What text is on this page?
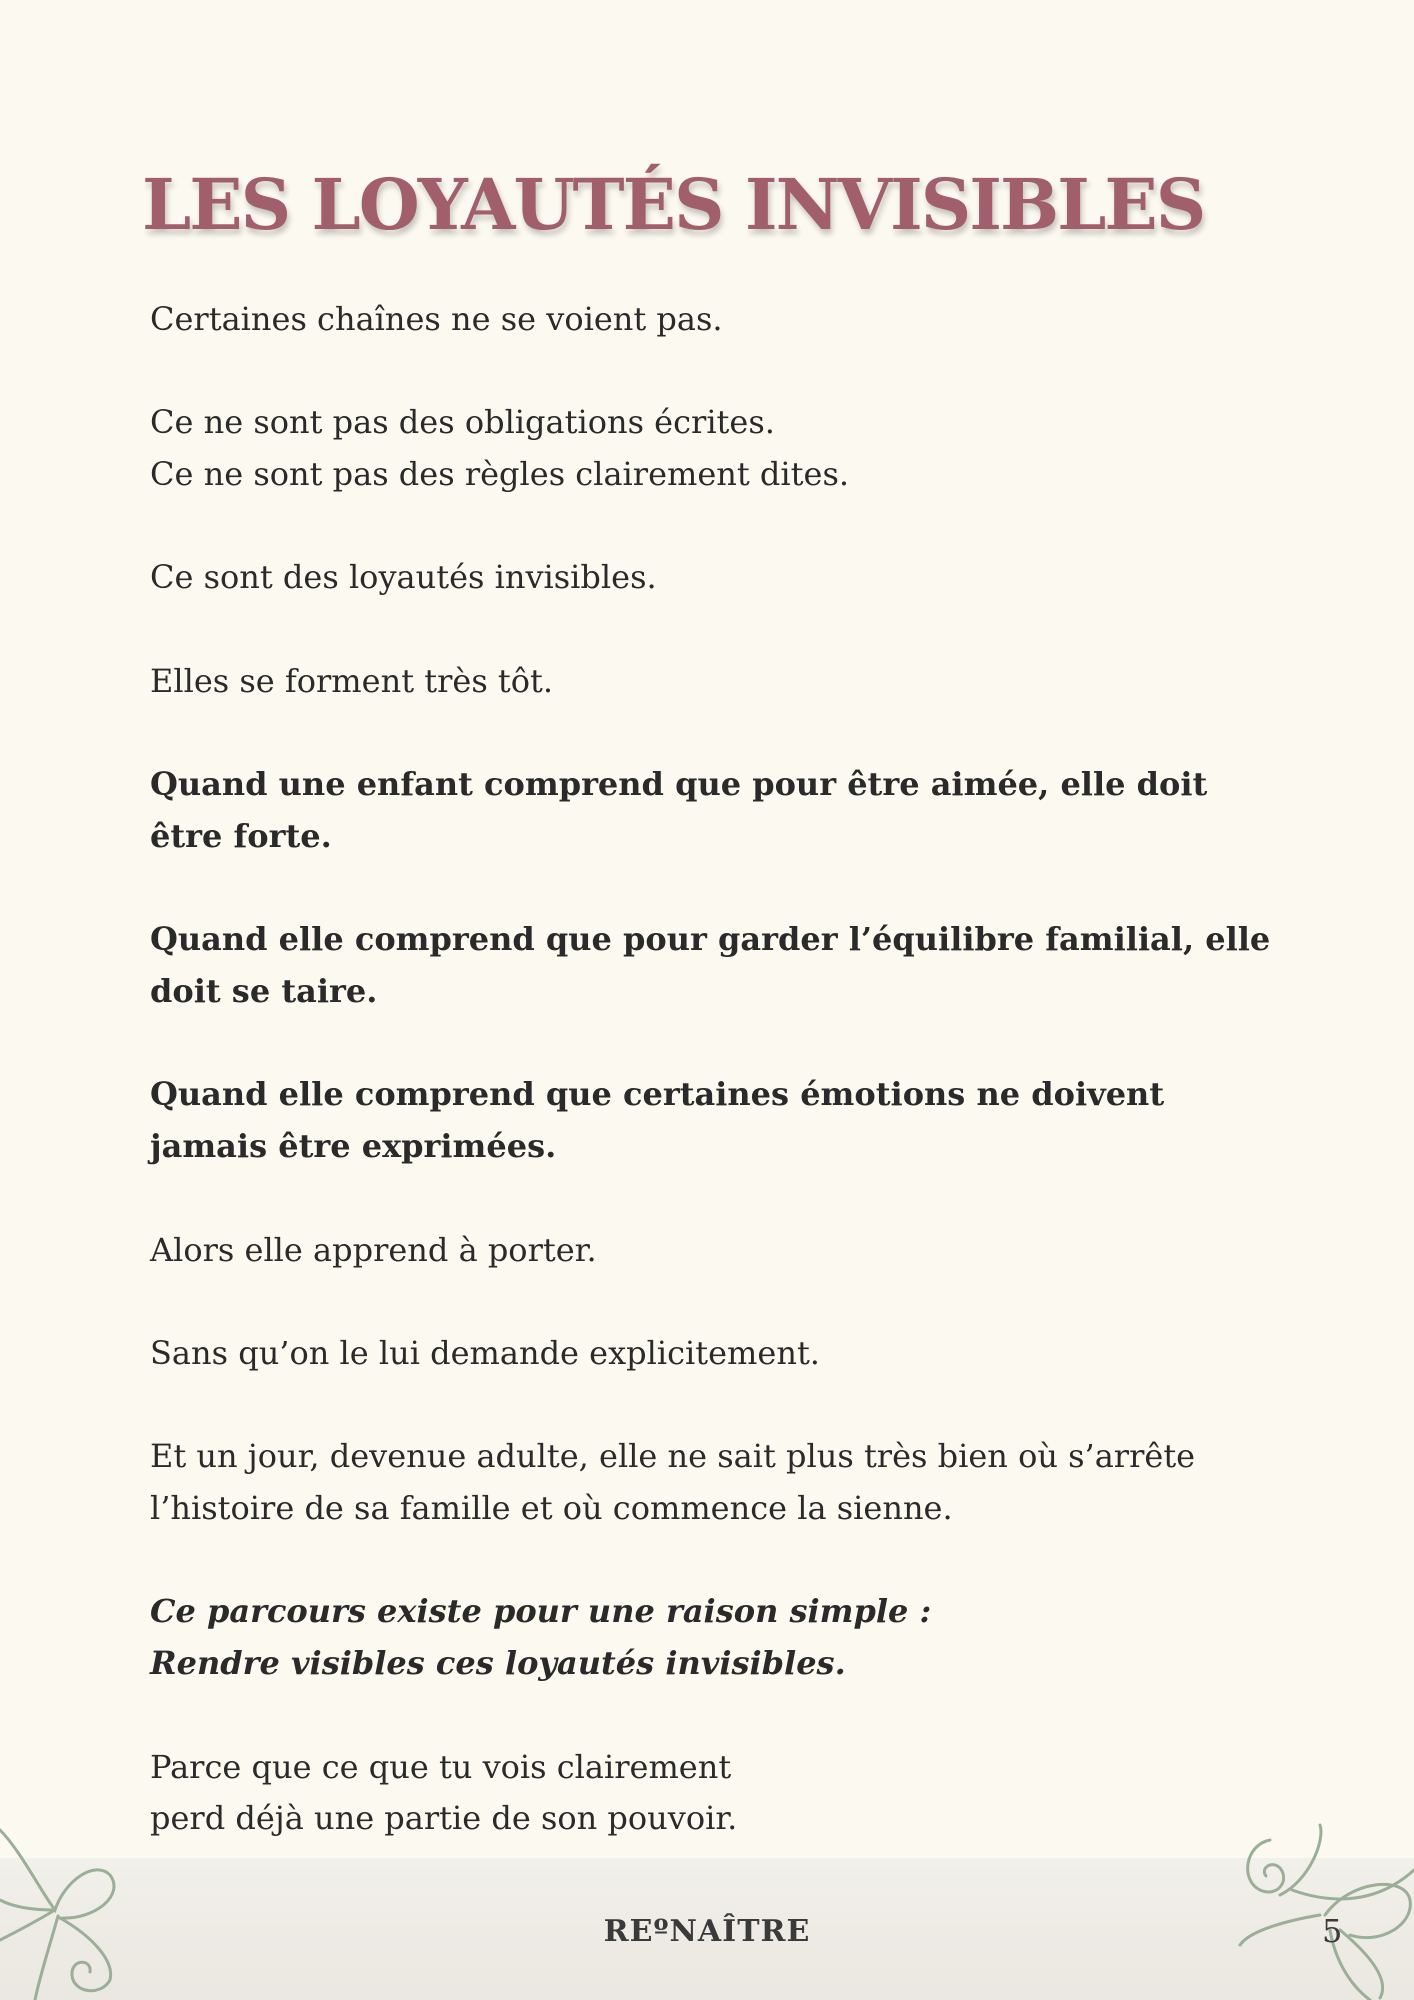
LES LOYAUTÉS INVISIBLES

Certaines chaînes ne se voient pas.

Ce ne sont pas des obligations écrites.
Ce ne sont pas des règles clairement dites.

Ce sont des loyautés invisibles.

Elles se forment très tôt.

Quand une enfant comprend que pour être aimée, elle doit être forte.

Quand elle comprend que pour garder l’équilibre familial, elle doit se taire.

Quand elle comprend que certaines émotions ne doivent jamais être exprimées.

Alors elle apprend à porter.

Sans qu’on le lui demande explicitement.

Et un jour, devenue adulte, elle ne sait plus très bien où s’arrête l’histoire de sa famille et où commence la sienne.

Ce parcours existe pour une raison simple :
Rendre visibles ces loyautés invisibles.

Parce que ce que tu vois clairement
perd déjà une partie de son pouvoir.

REºNAÎTRE	5
